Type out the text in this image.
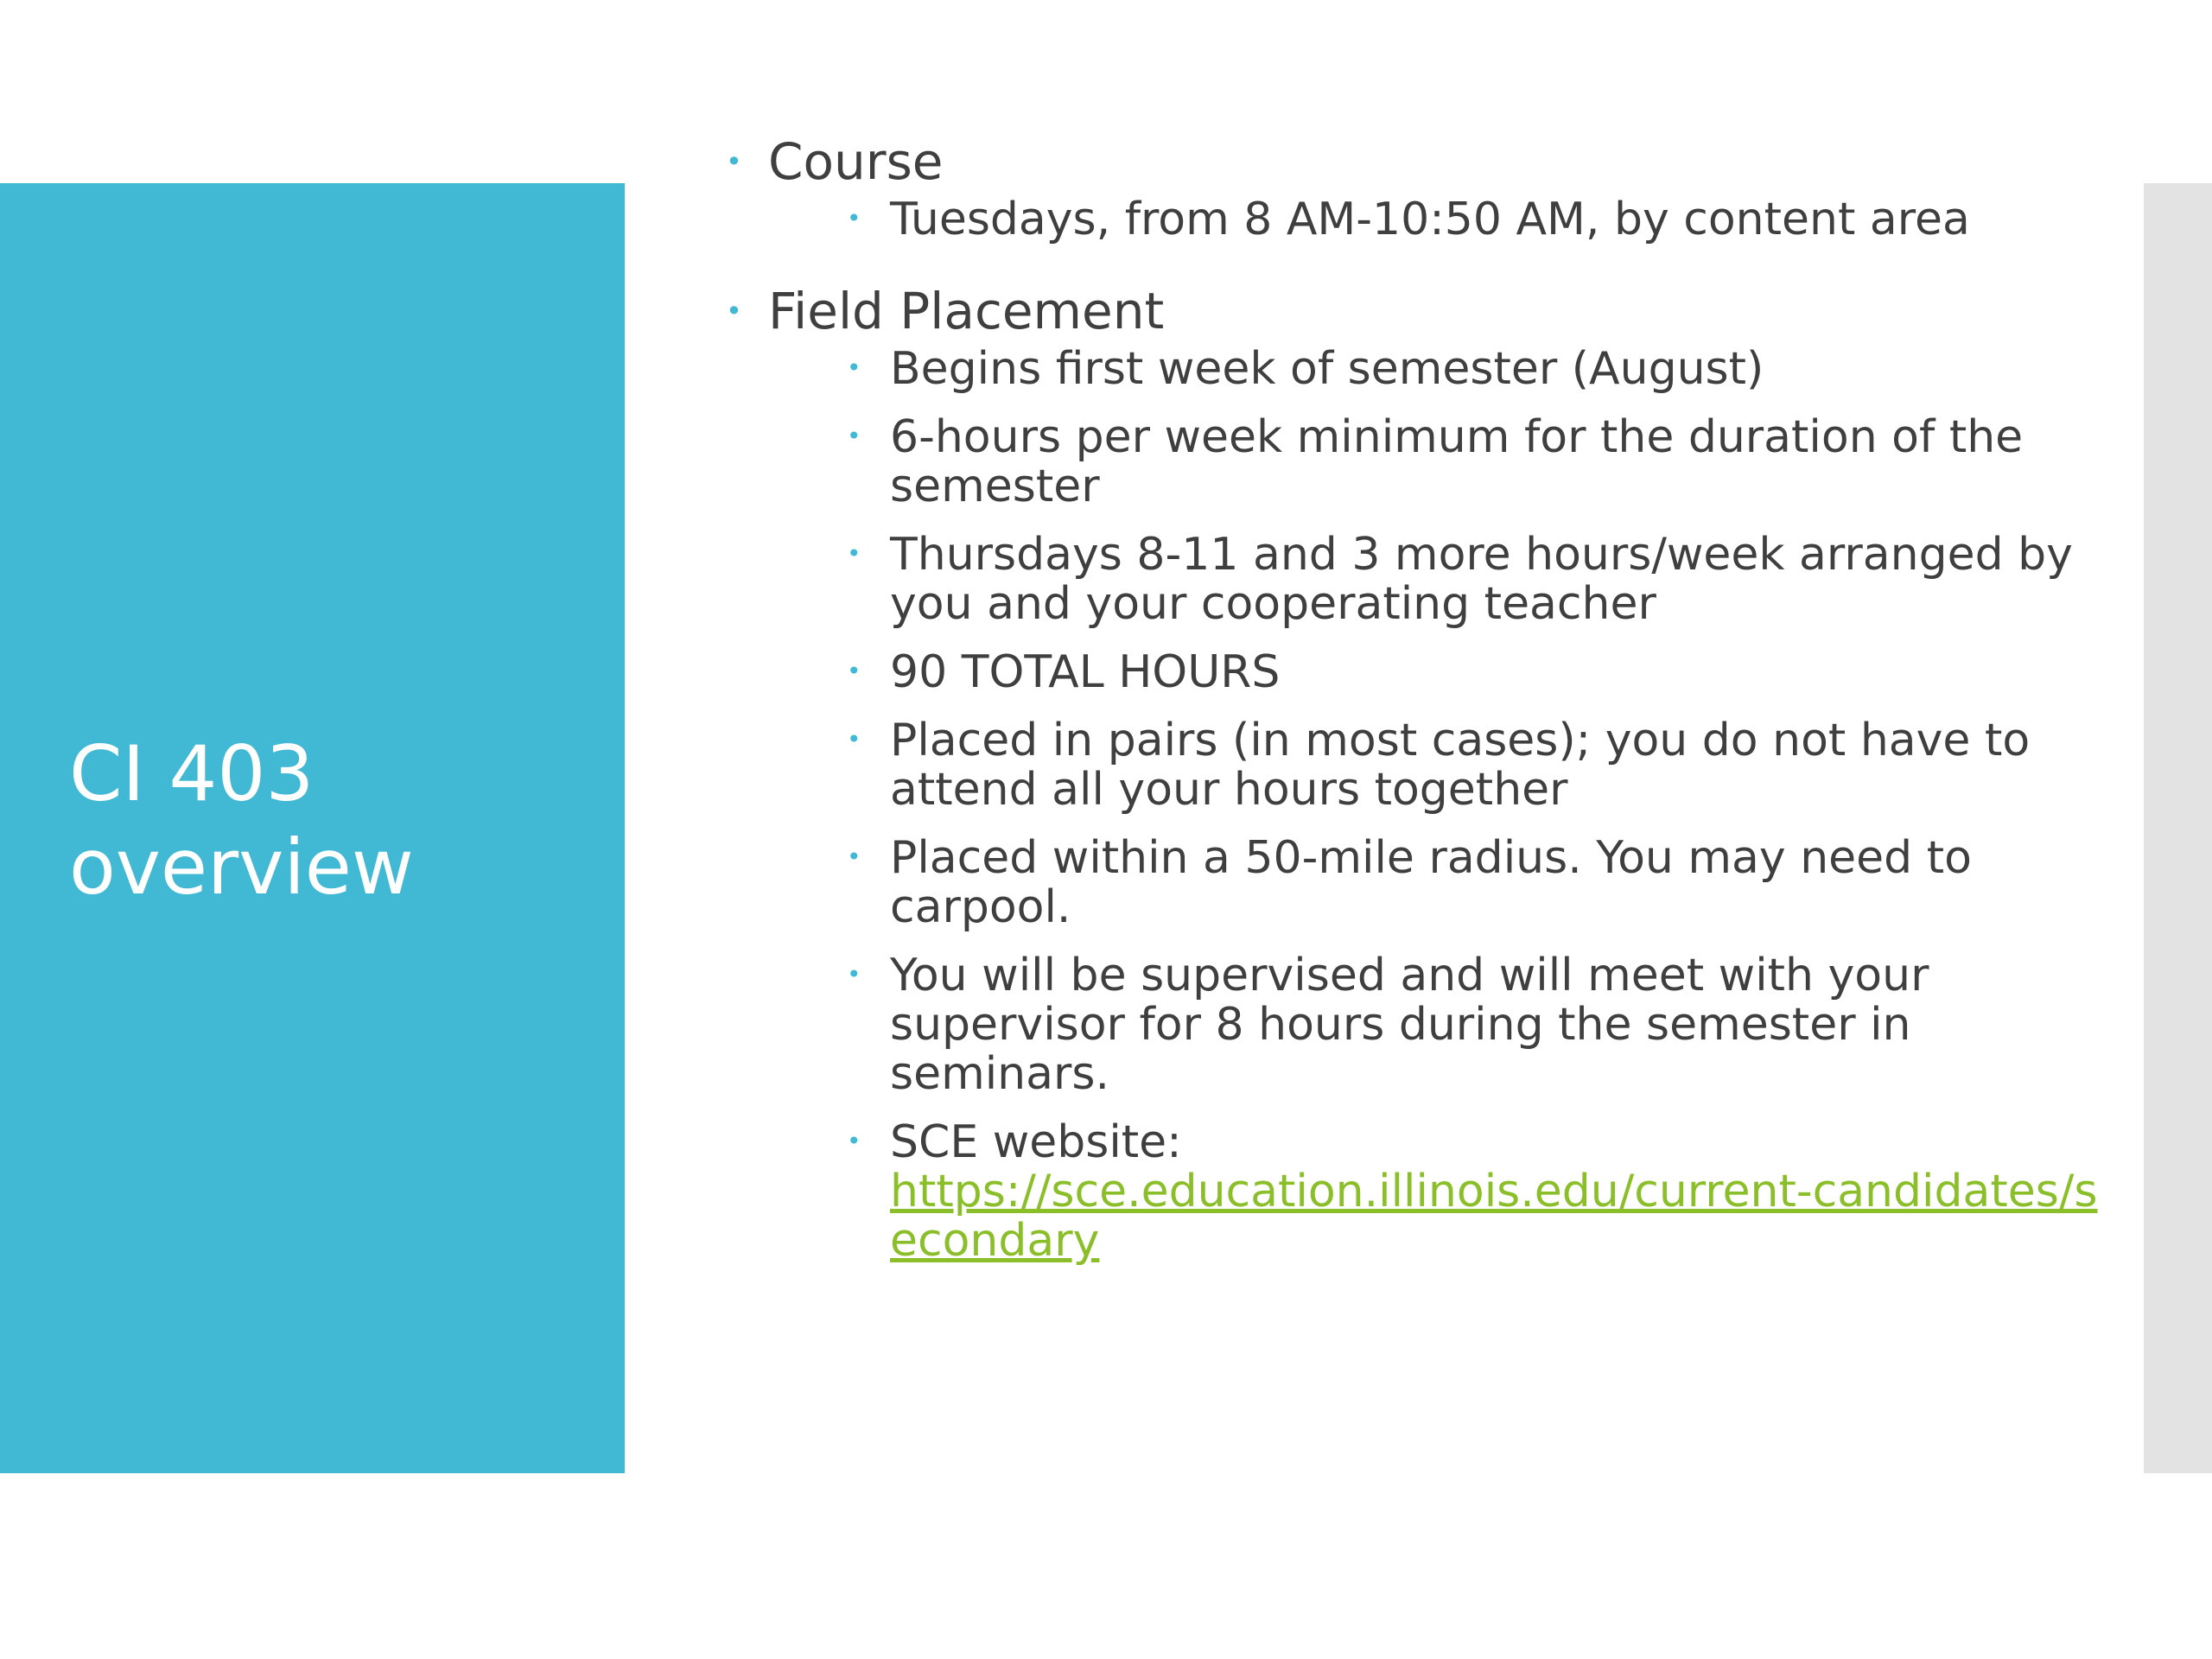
CI 403
overview
• Course
• Tuesdays, from 8 AM-10:50 AM, by content area
• Field Placement
• Begins first week of semester (August)
• 6-hours per week minimum for the duration of the semester
• Thursdays 8-11 and 3 more hours/week arranged by you and your cooperating teacher
• 90 TOTAL HOURS
• Placed in pairs (in most cases); you do not have to attend all your hours together
• Placed within a 50-mile radius. You may need to carpool.
• You will be supervised and will meet with your supervisor for 8 hours during the semester in seminars.
• SCE website:
https://sce.education.illinois.edu/current-candidates/secondary
